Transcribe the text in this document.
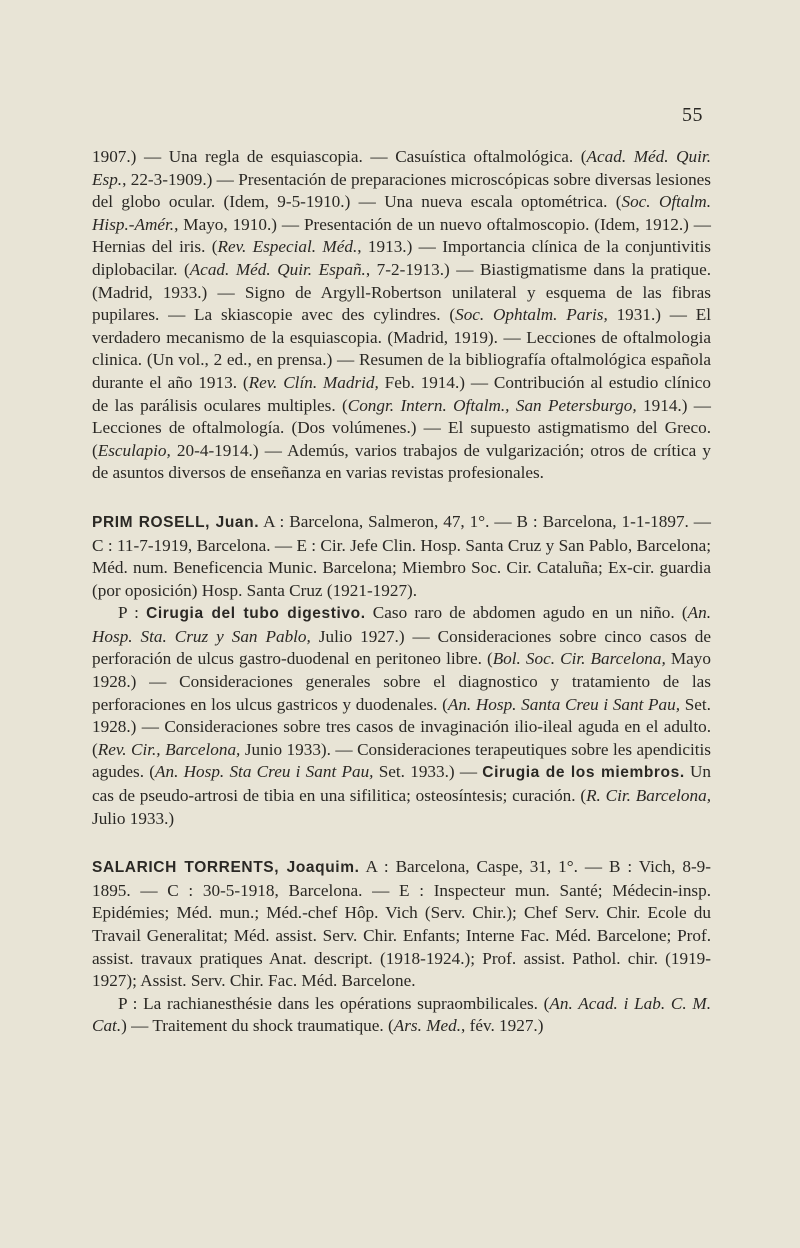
55

1907.) — Una regla de esquiascopia. — Casuística oftalmológica. (Acad. Méd. Quir. Esp., 22-3-1909.) — Presentación de preparaciones microscópicas sobre diversas lesiones del globo ocular. (Idem, 9-5-1910.) — Una nueva escala optométrica. (Soc. Oftalm. Hisp.-Amér., Mayo, 1910.) — Presentación de un nuevo oftalmoscopio. (Idem, 1912.) — Hernias del iris. (Rev. Especial. Méd., 1913.) — Importancia clínica de la conjuntivitis diplobacilar. (Acad. Méd. Quir. Españ., 7-2-1913.) — Biastigmatisme dans la pratique. (Madrid, 1933.) — Signo de Argyll-Robertson unilateral y esquema de las fibras pupilares. — La skiascopie avec des cylindres. (Soc. Ophtalm. Paris, 1931.) — El verdadero mecanismo de la esquiascopia. (Madrid, 1919). — Lecciones de oftalmologia clinica. (Un vol., 2 ed., en prensa.) — Resumen de la bibliografía oftalmológica española durante el año 1913. (Rev. Clín. Madrid, Feb. 1914.) — Contribución al estudio clínico de las parálisis oculares multiples. (Congr. Intern. Oftalm., San Petersburgo, 1914.) — Lecciones de oftalmología. (Dos volúmenes.) — El supuesto astigmatismo del Greco. (Esculapio, 20-4-1914.) — Ademús, varios trabajos de vulgarización; otros de crítica y de asuntos diversos de enseñanza en varias revistas profesionales.

PRIM ROSELL, Juan. A : Barcelona, Salmeron, 47, 1°. — B : Barcelona, 1-1-1897. — C : 11-7-1919, Barcelona. — E : Cir. Jefe Clin. Hosp. Santa Cruz y San Pablo, Barcelona; Méd. num. Beneficencia Munic. Barcelona; Miembro Soc. Cir. Cataluña; Ex-cir. guardia (por oposición) Hosp. Santa Cruz (1921-1927).

P : Cirugia del tubo digestivo. Caso raro de abdomen agudo en un niño. (An. Hosp. Sta. Cruz y San Pablo, Julio 1927.) — Consideraciones sobre cinco casos de perforación de ulcus gastro-duodenal en peritoneo libre. (Bol. Soc. Cir. Barcelona, Mayo 1928.) — Consideraciones generales sobre el diagnostico y tratamiento de las perforaciones en los ulcus gastricos y duodenales. (An. Hosp. Santa Creu i Sant Pau, Set. 1928.) — Consideraciones sobre tres casos de invaginación ilio-ileal aguda en el adulto. (Rev. Cir., Barcelona, Junio 1933). — Consideraciones terapeutiques sobre les apendicitis agudes. (An. Hosp. Sta Creu i Sant Pau, Set. 1933.) — Cirugia de los miembros. Un cas de pseudo-artrosi de tibia en una sifilitica; osteosíntesis; curación. (R. Cir. Barcelona, Julio 1933.)

SALARICH TORRENTS, Joaquim. A : Barcelona, Caspe, 31, 1°. — B : Vich, 8-9-1895. — C : 30-5-1918, Barcelona. — E : Inspecteur mun. Santé; Médecin-insp. Epidémies; Méd. mun.; Méd.-chef Hôp. Vich (Serv. Chir.); Chef Serv. Chir. Ecole du Travail Generalitat; Méd. assist. Serv. Chir. Enfants; Interne Fac. Méd. Barcelone; Prof. assist. travaux pratiques Anat. descript. (1918-1924.); Prof. assist. Pathol. chir. (1919-1927); Assist. Serv. Chir. Fac. Méd. Barcelone.

P : La rachianesthésie dans les opérations supraombilicales. (An. Acad. i Lab. C. M. Cat.) — Traitement du shock traumatique. (Ars. Med., fév. 1927.)
